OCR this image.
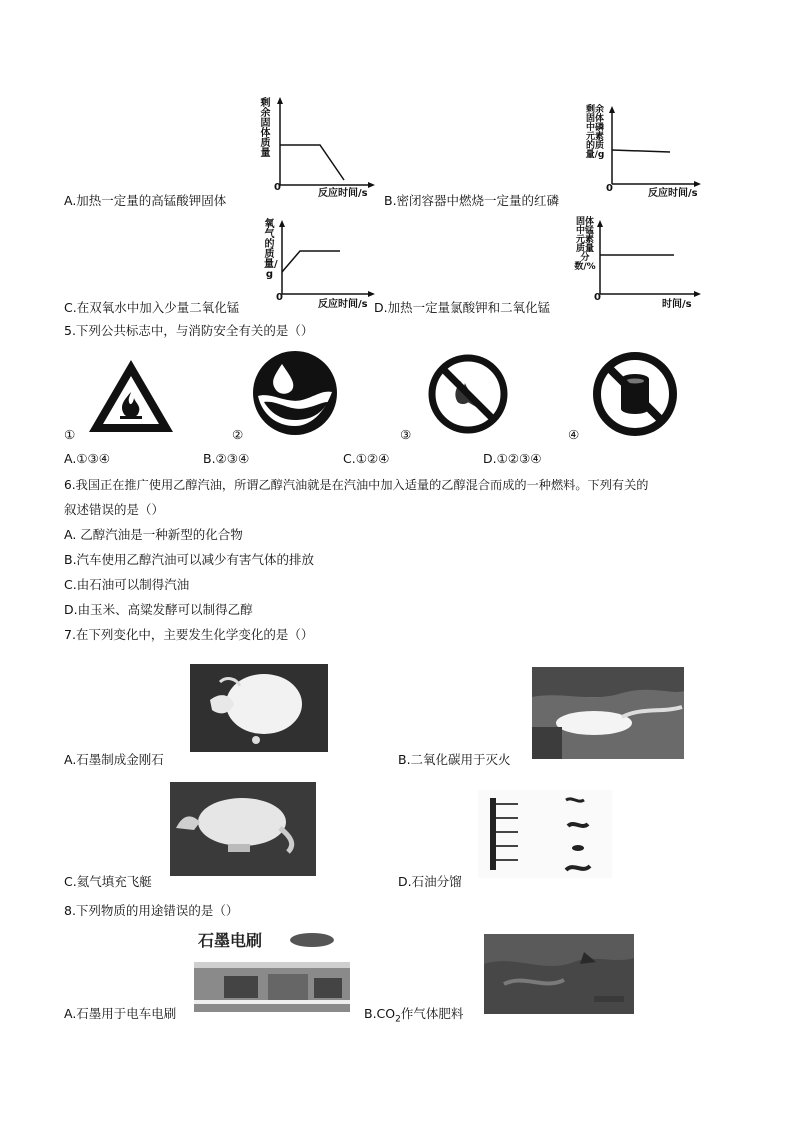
剩余固体质量
0
反应时间/s
剩余固体中磷元素的质量/g
0	反应时间/s
氧气的质量/g
0
反应时间/s
固体中锰元素质量分数/%
0
时间/s
A.加热一定量的高锰酸钾固体	B.密闭容器中燃烧一定量的红磷
C.在双氧水中加入少量二氧化锰	D.加热一定量氯酸钾和二氧化锰
5.下列公共标志中，与消防安全有关的是（）
①	②	③	④
A.①③④	B.②③④	C.①②④	D.①②③④
6.我国正在推广使用乙醇汽油，所谓乙醇汽油就是在汽油中加入适量的乙醇混合而成的一种燃料。下列有关的
叙述错误的是（）
A. 乙醇汽油是一种新型的化合物
B.汽车使用乙醇汽油可以减少有害气体的排放
C.由石油可以制得汽油
D.由玉米、高粱发酵可以制得乙醇
7.在下列变化中，主要发生化学变化的是（）
A.石墨制成金刚石	B.二氧化碳用于灭火
C.氦气填充飞艇	D.石油分馏
8.下列物质的用途错误的是（）
石墨电刷
A.石墨用于电车电刷	$B.CO_2$作气体肥料
